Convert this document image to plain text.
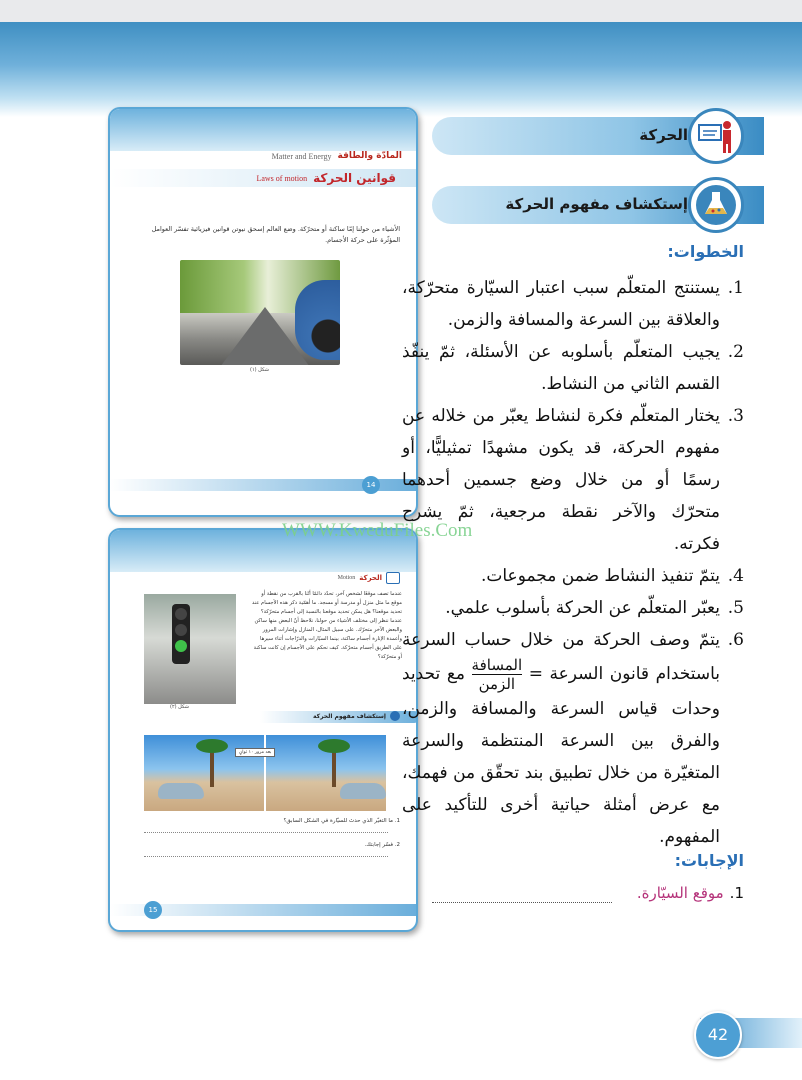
Matter and Energy المادّة والطاقة
Laws of motion قوانين الحركة
الأشياء من حولنا إمّا ساكنة أو متحرّكة. وضع العالم إسحق نيوتن قوانين فيزيائية تفسّر العوامل المؤثّرة على حركة الأجسام.
شكل (١)
14
Motion الحركة
عندما تصف موقعًا لشخص آخر، تحدّد دائمًا أنّنا بالقرب من نقطة أو موقع ما مثل منزل أو مدرسة أو مسجد. ما أهمّية ذكر هذه الأجسام عند تحديد موقعنا؟ هل يمكن تحديد موقعنا بالنسبة إلى أجسام متحرّكة؟ عندما ننظر إلى مختلف الأشياء من حولنا، نلاحظ أنّ البعض منها ساكن والبعض الآخر متحرّك. على سبيل المثال، المنازل وإشارات المرور وأعمدة الإنارة أجسام ساكنة، بينما السيّارات والدرّاجات أثناء سيرها على الطريق أجسام متحرّكة. كيف نحكم على الأجسام إن كانت ساكنة أو متحرّكة؟
شكل (٢)
إستكشاف مفهوم الحركة
بعد مرور ١٠ ثوانٍ
1. ما التغيّر الذي حدث للسيّارة في الشكل السابق؟
2. فسّر إجابتك.
15
الحركة
إستكشاف مفهوم الحركة
الخطوات:

1.
يستنتج المتعلّم سبب اعتبار السيّارة متحرّكة، والعلاقة بين السرعة والمسافة والزمن.

2.
يجيب المتعلّم بأسلوبه عن الأسئلة، ثمّ ينفّذ القسم الثاني من النشاط.

3.
يختار المتعلّم فكرة لنشاط يعبّر من خلاله عن مفهوم الحركة، قد يكون مشهدًا تمثيليًّا، أو رسمًا أو من خلال وضع جسمين أحدهما متحرّك والآخر نقطة مرجعية، ثمّ يشرح فكرته.

4.
يتمّ تنفيذ النشاط ضمن مجموعات.

5.
يعبّر المتعلّم عن الحركة بأسلوب علمي.

6.
يتمّ وصف الحركة من خلال حساب السرعة باستخدام قانون السرعة =
المسافة
الزمن
مع تحديد وحدات قياس السرعة والمسافة والزمن، والفرق بين السرعة المنتظمة والسرعة المتغيّرة من خلال تطبيق بند تحقّق من فهمك، مع عرض أمثلة حياتية أخرى للتأكيد على المفهوم.

WWW.KweduFiles.Com
الإجابات:
1.
موقع السيّارة.
42
